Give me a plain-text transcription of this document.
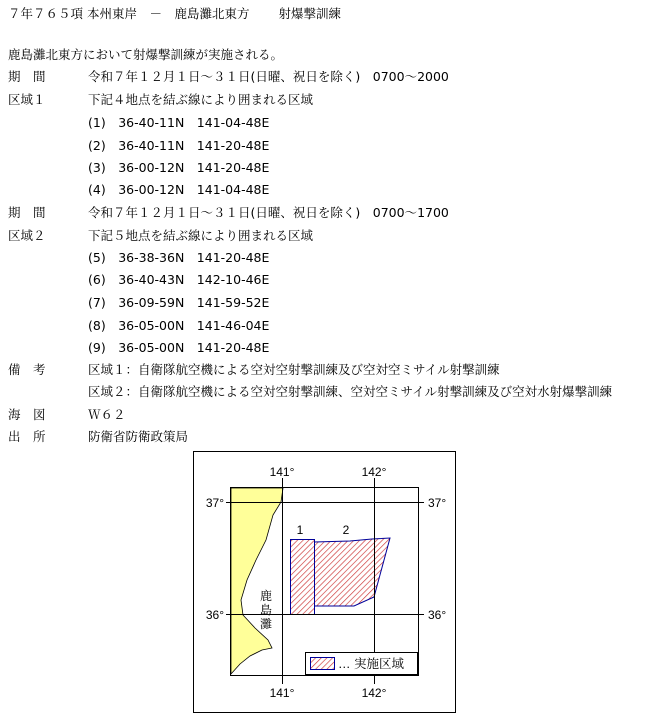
７年７６５項 本州東岸　－　鹿島灘北東方　　 射爆撃訓練
鹿島灘北東方において射爆撃訓練が実施される。
期　間	令和７年１２月１日～３１日(日曜、祝日を除く)　0700～2000
区域１	下記４地点を結ぶ線により囲まれる区域
(1)　36-40-11N　141-04-48E
(2)　36-40-11N　141-20-48E
(3)　36-00-12N　141-20-48E
(4)　36-00-12N　141-04-48E
期　間	令和７年１２月１日～３１日(日曜、祝日を除く)　0700～1700
区域２	下記５地点を結ぶ線により囲まれる区域
(5)　36-38-36N　141-20-48E
(6)　36-40-43N　142-10-46E
(7)　36-09-59N　141-59-52E
(8)　36-05-00N　141-46-04E
(9)　36-05-00N　141-20-48E
備　考	区域１：自衛隊航空機による空対空射撃訓練及び空対空ミサイル射撃訓練
区域２：自衛隊航空機による空対空射撃訓練、空対空ミサイル射撃訓練及び空対水射爆撃訓練
海　図	Ｗ６２
出　所	防衛省防衛政策局
141°	142°
141°	142°
37°
36°
37°
36°
1	2
鹿
島
灘
… 実施区域
